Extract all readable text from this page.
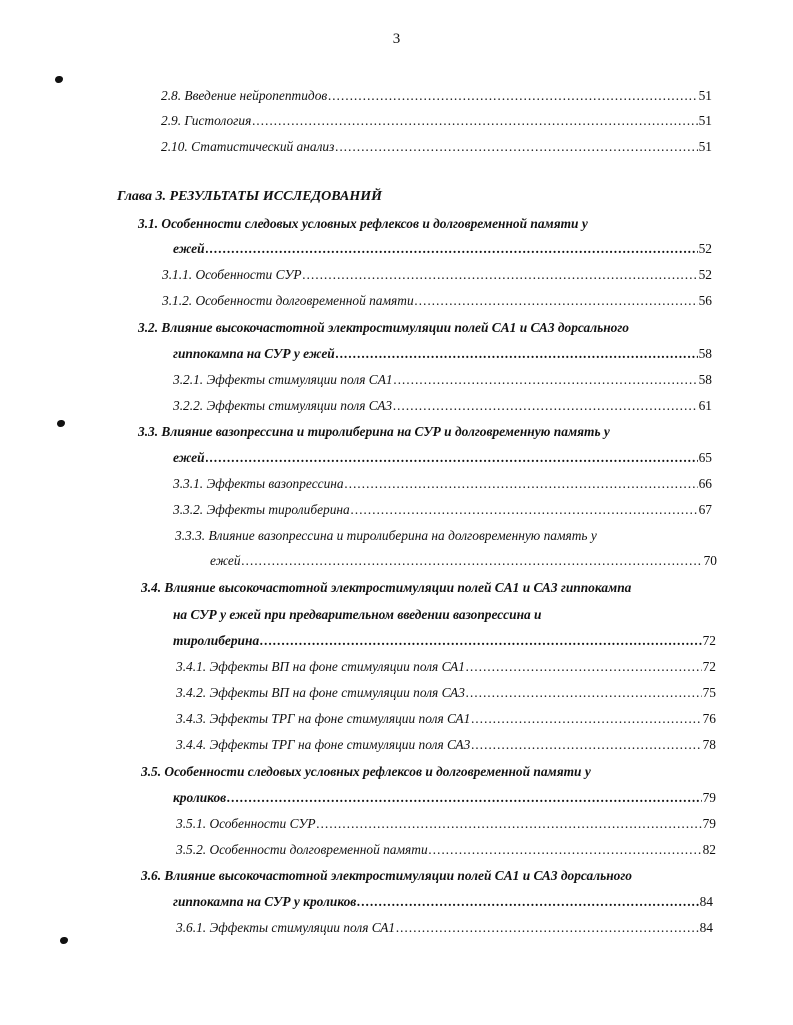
3
2.8. Введение нейропептидов .....	51
2.9. Гистология .....	51
2.10. Статистический анализ .....	51
Глава 3. РЕЗУЛЬТАТЫ ИССЛЕДОВАНИЙ
3.1. Особенности следовых условных рефлексов и долговременной памяти у
ежей .....	52
3.1.1. Особенности СУР .....	52
3.1.2. Особенности долговременной памяти .....	56
3.2. Влияние высокочастотной электростимуляции полей CA1 и СА3 дорсального
гиппокампа на СУР у ежей .....	58
3.2.1. Эффекты стимуляции поля CA1 .....	58
3.2.2. Эффекты стимуляции поля СА3 .....	61
3.3. Влияние вазопрессина и тиролиберина на СУР и долговременную память у
ежей .....	65
3.3.1. Эффекты вазопрессина .....	66
3.3.2. Эффекты тиролиберина .....	67
3.3.3. Влияние вазопрессина и тиролиберина на долговременную память у
ежей .....	70
3.4. Влияние высокочастотной электростимуляции полей CA1 и СА3 гиппокампа
на СУР у ежей при предварительном введении вазопрессина и
тиролиберина .....	72
3.4.1. Эффекты ВП на фоне стимуляции поля СА1 .....	72
3.4.2. Эффекты ВП на фоне стимуляции поля СА3 .....	75
3.4.3. Эффекты ТРГ на фоне стимуляции поля СА1 .....	76
3.4.4. Эффекты ТРГ на фоне стимуляции поля СА3 .....	78
3.5. Особенности следовых условных рефлексов и долговременной памяти у
кроликов .....	79
3.5.1. Особенности СУР .....	79
3.5.2. Особенности долговременной памяти .....	82
3.6. Влияние высокочастотной электростимуляции полей CA1 и СА3 дорсального
гиппокампа на СУР у кроликов .....	84
3.6.1. Эффекты стимуляции поля СА1 .....	84
